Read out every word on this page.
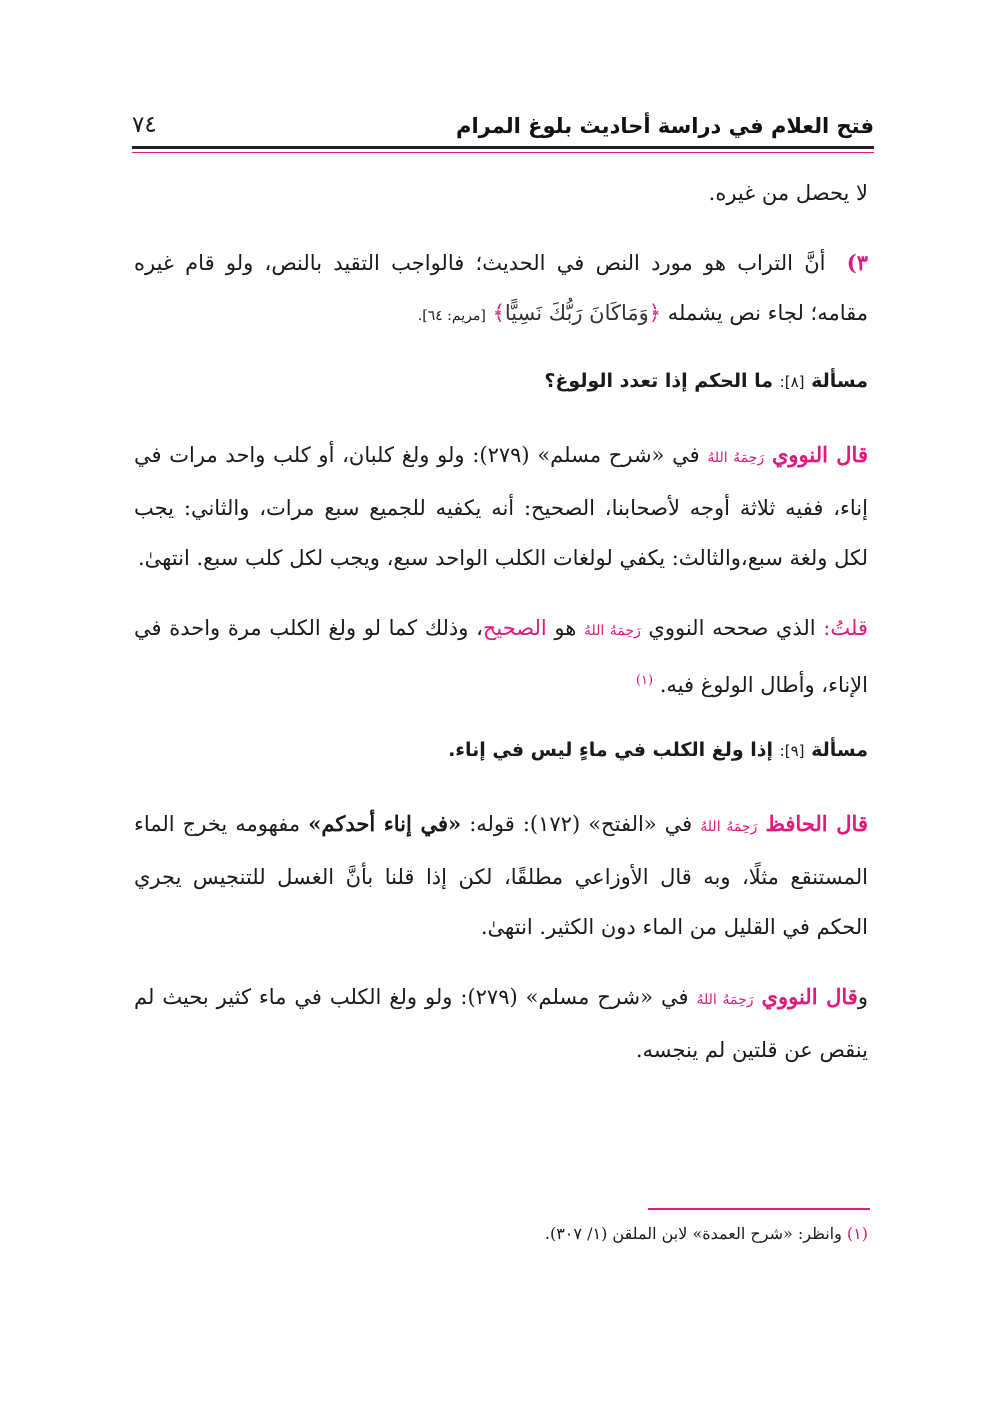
فتح العلام في دراسة أحاديث بلوغ المرام
٧٤

لا يحصل من غيره.

٣) أنَّ التراب هو مورد النص في الحديث؛ فالواجب التقيد بالنص، ولو قام غيره مقامه؛ لجاء نص يشمله ﴿وَمَاكَانَ رَبُّكَ نَسِيًّا﴾ [مريم: ٦٤].

مسألة [٨]: ما الحكم إذا تعدد الولوغ؟

قال النووي رَحِمَهُ اللهُ في «شرح مسلم» (٢٧٩): ولو ولغ كلبان، أو كلب واحد مرات في إناء، ففيه ثلاثة أوجه لأصحابنا، الصحيح: أنه يكفيه للجميع سبع مرات، والثاني: يجب لكل ولغة سبع،والثالث: يكفي لولغات الكلب الواحد سبع، ويجب لكل كلب سبع. انتهىٰ.

قلتُ: الذي صححه النووي رَحِمَهُ اللهُ هو الصحيح، وذلك كما لو ولغ الكلب مرة واحدة في الإناء، وأطال الولوغ فيه. $^{(١)}$

مسألة [٩]: إذا ولغ الكلب في ماءٍ ليس في إناء.

قال الحافظ رَحِمَهُ اللهُ في «الفتح» (١٧٢): قوله: «في إناء أحدكم» مفهومه يخرج الماء المستنقع مثلًا، وبه قال الأوزاعي مطلقًا، لكن إذا قلنا بأنَّ الغسل للتنجيس يجري الحكم في القليل من الماء دون الكثير. انتهىٰ.

وقال النووي رَحِمَهُ اللهُ في «شرح مسلم» (٢٧٩): ولو ولغ الكلب في ماء كثير بحيث لم ينقص عن قلتين لم ينجسه.

(١) وانظر: «شرح العمدة» لابن الملقن (١/ ٣٠٧).
